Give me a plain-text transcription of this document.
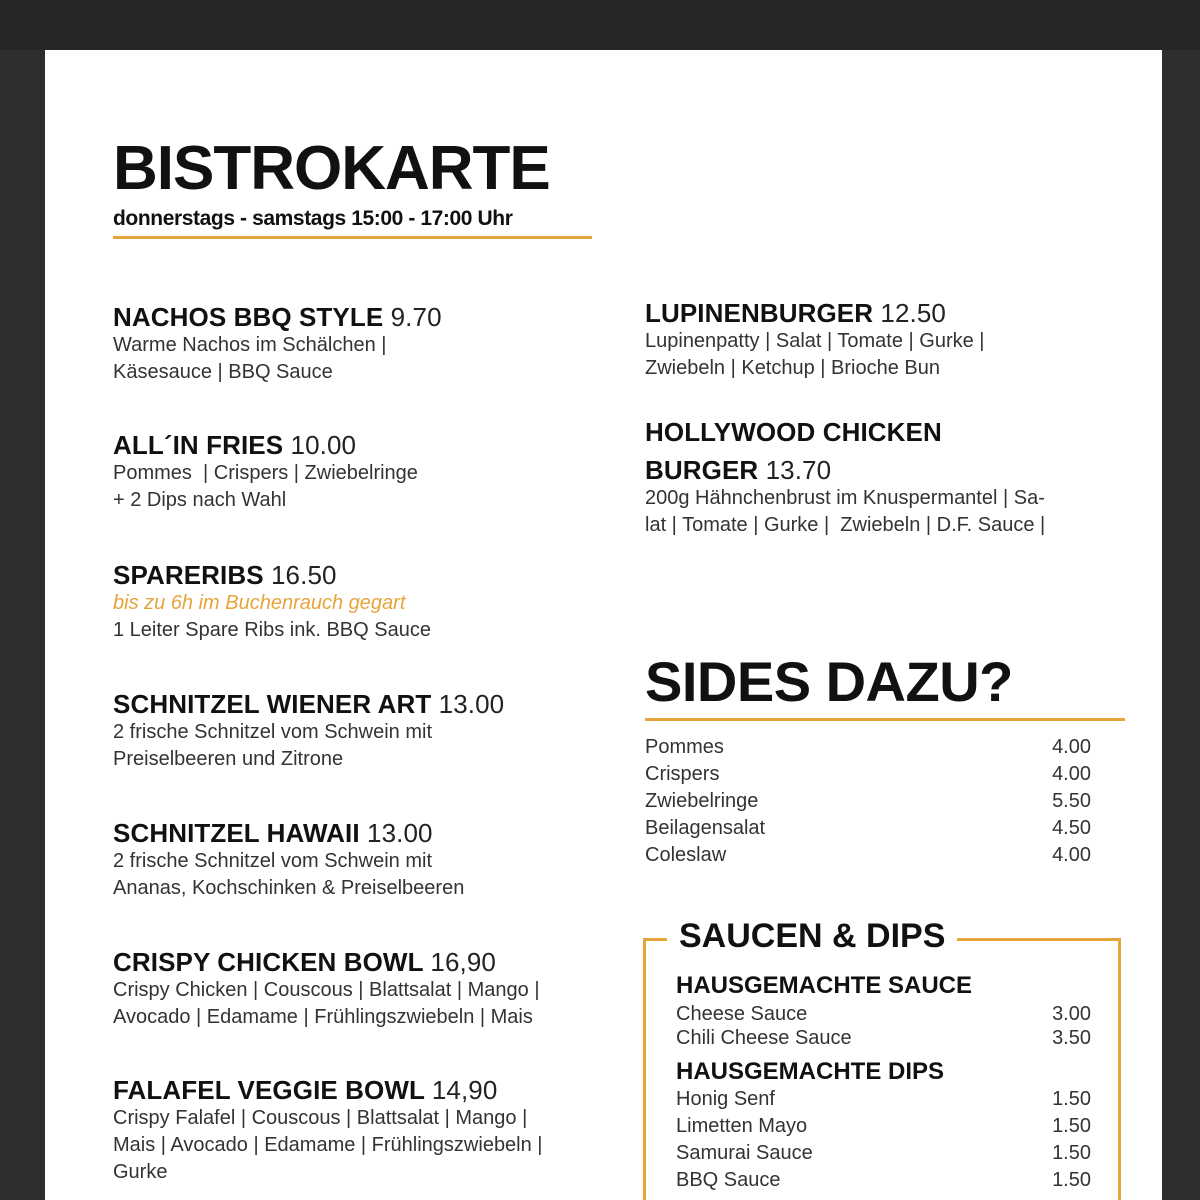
BISTROKARTE
donnerstags - samstags 15:00 - 17:00 Uhr
NACHOS BBQ STYLE 9.70
Warme Nachos im Schälchen |
Käsesauce | BBQ Sauce
ALL´IN FRIES 10.00
Pommes  | Crispers | Zwiebelringe
+ 2 Dips nach Wahl
SPARERIBS 16.50
bis zu 6h im Buchenrauch gegart
1 Leiter Spare Ribs ink. BBQ Sauce
SCHNITZEL WIENER ART 13.00
2 frische Schnitzel vom Schwein mit
Preiselbeeren und Zitrone
SCHNITZEL HAWAII 13.00
2 frische Schnitzel vom Schwein mit
Ananas, Kochschinken & Preiselbeeren
CRISPY CHICKEN BOWL 16,90
Crispy Chicken | Couscous | Blattsalat | Mango |
Avocado | Edamame | Frühlingszwiebeln | Mais
FALAFEL VEGGIE BOWL 14,90
Crispy Falafel | Couscous | Blattsalat | Mango |
Mais | Avocado | Edamame | Frühlingszwiebeln |
Gurke
LUPINENBURGER 12.50
Lupinenpatty | Salat | Tomate | Gurke |
Zwiebeln | Ketchup | Brioche Bun
HOLLYWOOD CHICKEN
BURGER 13.70
200g Hähnchenbrust im Knuspermantel | Sa-
lat | Tomate | Gurke |  Zwiebeln | D.F. Sauce |
SIDES DAZU?
Pommes	4.00
Crispers	4.00
Zwiebelringe	5.50
Beilagensalat	4.50
Coleslaw	4.00
SAUCEN & DIPS
HAUSGEMACHTE SAUCE
Cheese Sauce	3.00
Chili Cheese Sauce	3.50
HAUSGEMACHTE DIPS
Honig Senf	1.50
Limetten Mayo	1.50
Samurai Sauce	1.50
BBQ Sauce	1.50
